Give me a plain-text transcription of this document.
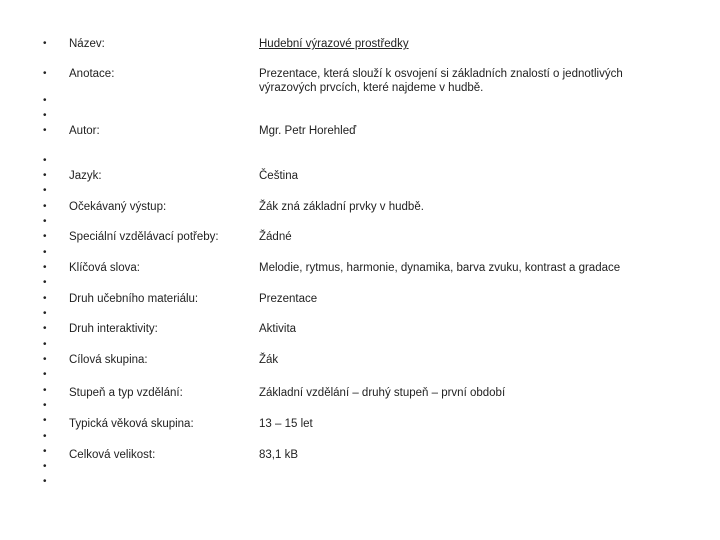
•
•
•
•
•
•
•
•
•
•
•
•
•
•
•
•
•
•
•
•
•
•
•
•
•
•
•
Název:	Hudební výrazové prostředky
Anotace:	Prezentace, která slouží k osvojení si základních znalostí o jednotlivých výrazových prvcích, které najdeme v hudbě.
Autor:	Mgr. Petr Horehleď
Jazyk:	Čeština
Očekávaný výstup:	Žák zná základní prvky v hudbě.
Speciální vzdělávací potřeby:	Žádné
Klíčová slova:	Melodie, rytmus, harmonie, dynamika, barva zvuku, kontrast a gradace
Druh učebního materiálu:	Prezentace
Druh interaktivity:	Aktivita
Cílová skupina:	Žák
Stupeň a typ vzdělání:	Základní vzdělání – druhý stupeň – první období
Typická věková skupina:	13 – 15 let
Celková velikost:	83,1 kB
